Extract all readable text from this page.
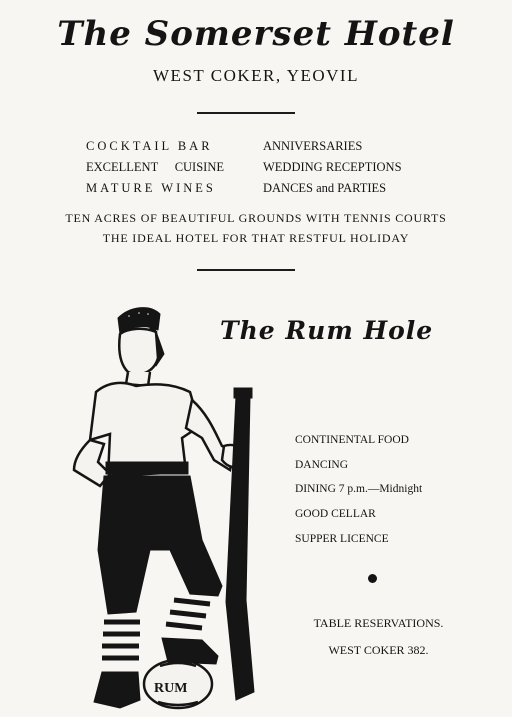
The Somerset Hotel
WEST COKER, YEOVIL
COCKTAIL BAR
CUISINE
EXCELLENT
MATURE WINES
ANNIVERSARIES
WEDDING RECEPTIONS
DANCES and PARTIES
TEN ACRES OF BEAUTIFUL GROUNDS WITH TENNIS COURTS
THE IDEAL HOTEL FOR THAT RESTFUL HOLIDAY
RUM
The Rum Hole
CONTINENTAL FOOD
DANCING
DINING 7 p.m.—Midnight
GOOD CELLAR
SUPPER LICENCE
TABLE RESERVATIONS.
WEST COKER 382.
